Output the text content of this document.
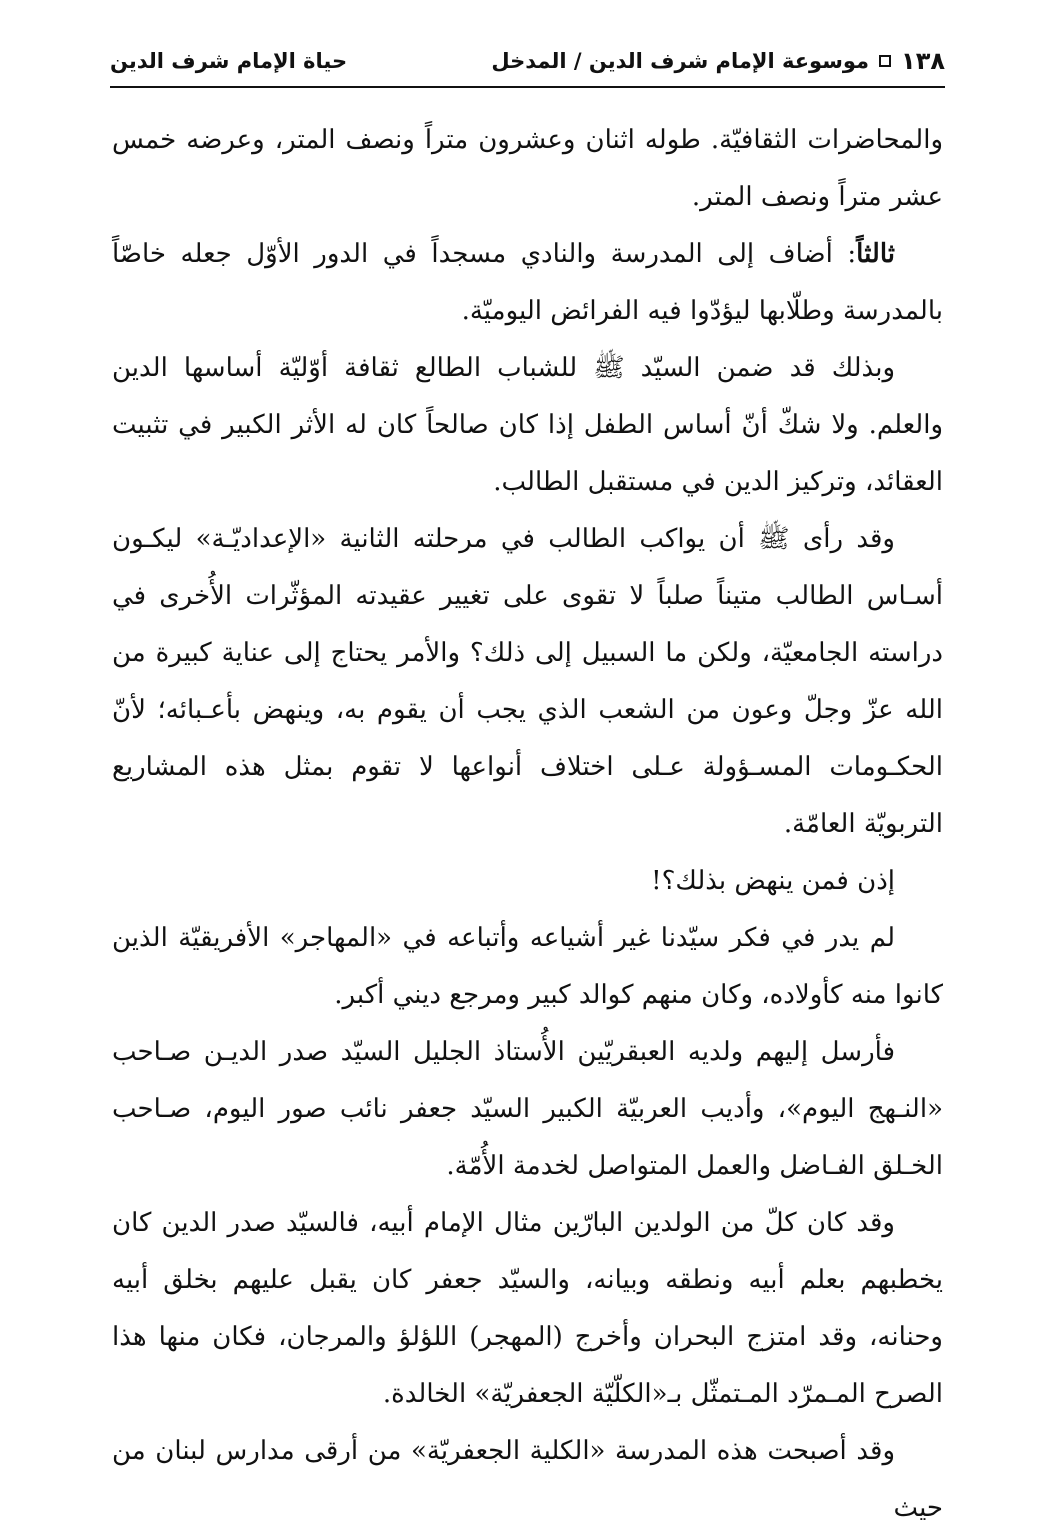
١٣٨
موسوعة الإمام شرف الدين / المدخل
حياة الإمام شرف الدين

والمحاضرات الثقافيّة. طوله اثنان وعشرون متراً ونصف المتر، وعرضه خمس عشر متراً ونصف المتر.

ثالثاً: أضاف إلى المدرسة والنادي مسجداً في الدور الأوّل جعله خاصّاً بالمدرسة وطلّابها ليؤدّوا فيه الفرائض اليوميّة.

وبذلك قد ضمن السيّد ﷺ للشباب الطالع ثقافة أوّليّة أساسها الدين والعلم. ولا شكّ أنّ أساس الطفل إذا كان صالحاً كان له الأثر الكبير في تثبيت العقائد، وتركيز الدين في مستقبل الطالب.

وقد رأى ﷺ أن يواكب الطالب في مرحلته الثانية «الإعداديّـة» ليكـون أسـاس الطالب متيناً صلباً لا تقوى على تغيير عقيدته المؤثّرات الأُخرى في دراسته الجامعيّة، ولكن ما السبيل إلى ذلك؟ والأمر يحتاج إلى عناية كبيرة من الله عزّ وجلّ وعون من الشعب الذي يجب أن يقوم به، وينهض بأعـبائه؛ لأنّ الحكـومات المسـؤولة عـلى اختلاف أنواعها لا تقوم بمثل هذه المشاريع التربويّة العامّة.

إذن فمن ينهض بذلك؟!

لم يدر في فكر سيّدنا غير أشياعه وأتباعه في «المهاجر» الأفريقيّة الذين كانوا منه كأولاده، وكان منهم كوالد كبير ومرجع ديني أكبر.

فأرسل إليهم ولديه العبقريّين الأُستاذ الجليل السيّد صدر الديـن صـاحب «النـهج اليوم»، وأديب العربيّة الكبير السيّد جعفر نائب صور اليوم، صـاحب الخـلق الفـاضل والعمل المتواصل لخدمة الأُمّة.

وقد كان كلّ من الولدين البارّين مثال الإمام أبيه، فالسيّد صدر الدين كان يخطبهم بعلم أبيه ونطقه وبيانه، والسيّد جعفر كان يقبل عليهم بخلق أبيه وحنانه، وقد امتزج البحران وأخرج (المهجر) اللؤلؤ والمرجان، فكان منها هذا الصرح المـمرّد المـتمثّل بـ«الكلّيّة الجعفريّة» الخالدة.

وقد أصبحت هذه المدرسة «الكلية الجعفريّة» من أرقى مدارس لبنان من حيث
